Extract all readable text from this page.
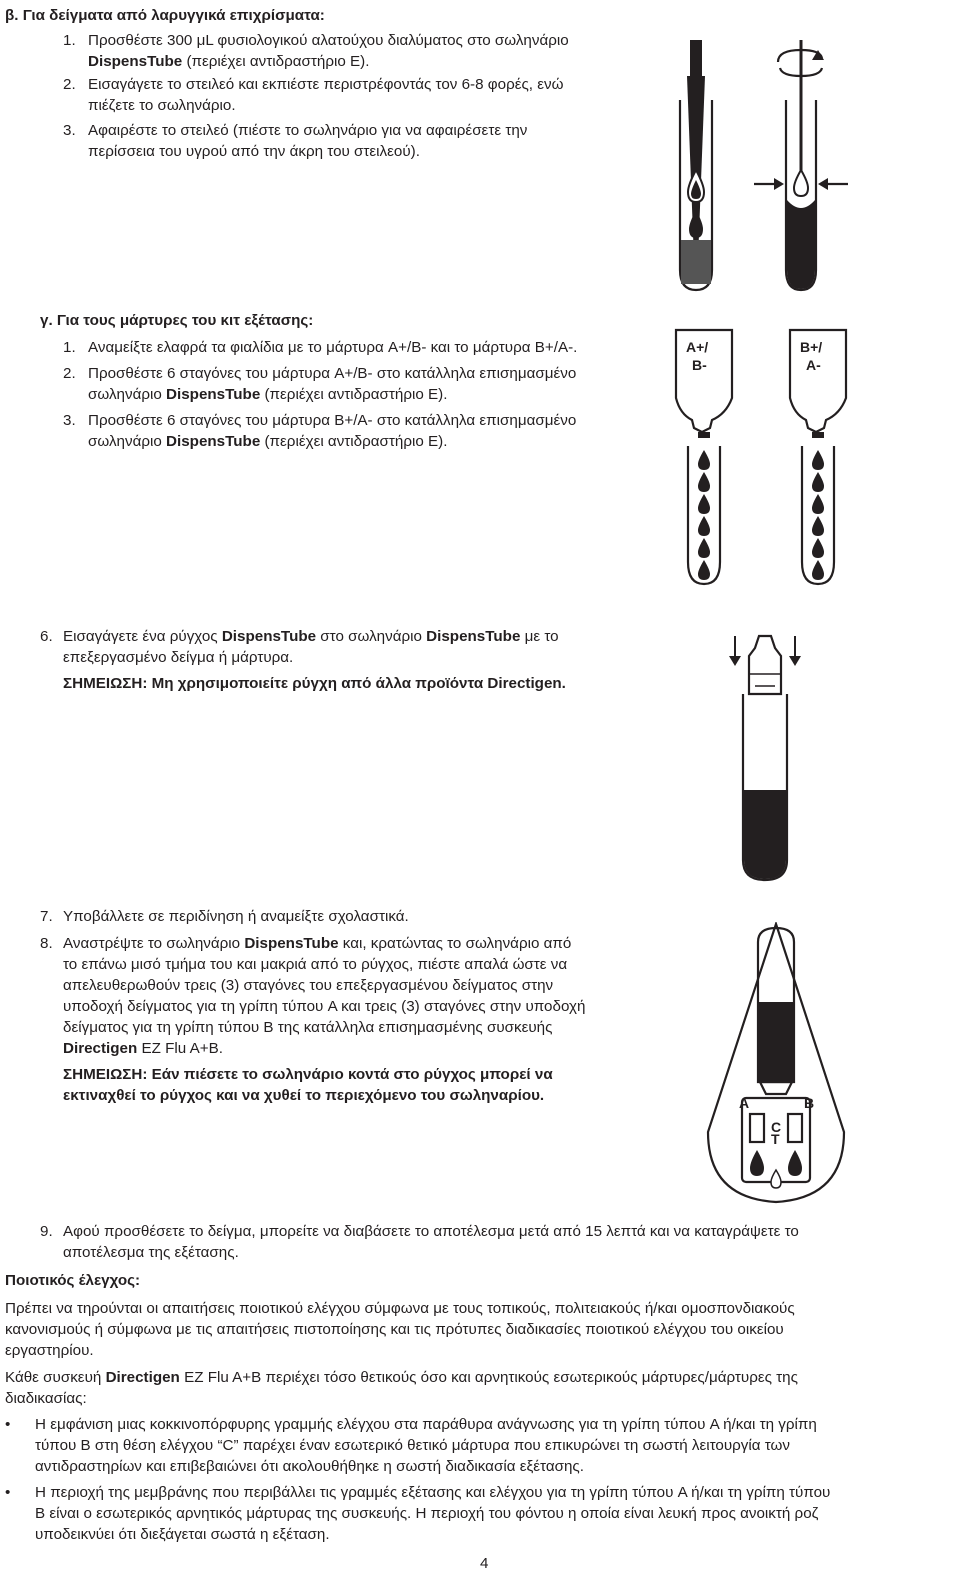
β. Για δείγματα από λαρυγγικά επιχρίσματα:
1. Προσθέστε 300 μL φυσιολογικού αλατούχου διαλύματος στο σωληνάριο
DispensTube (περιέχει αντιδραστήριο E).
2. Εισαγάγετε το στειλεό και εκπιέστε περιστρέφοντάς τον 6-8 φορές, ενώ
πιέζετε το σωληνάριο.
3. Αφαιρέστε το στειλεό (πιέστε το σωληνάριο για να αφαιρέσετε την
περίσσεια του υγρού από την άκρη του στειλεού).
γ. Για τους μάρτυρες του κιτ εξέτασης:
1. Αναμείξτε ελαφρά τα φιαλίδια με το μάρτυρα A+/B- και το μάρτυρα B+/A-.
2. Προσθέστε 6 σταγόνες του μάρτυρα A+/B- στο κατάλληλα επισημασμένο
σωληνάριο DispensTube (περιέχει αντιδραστήριο E).
3. Προσθέστε 6 σταγόνες του μάρτυρα B+/A- στο κατάλληλα επισημασμένο
σωληνάριο DispensTube (περιέχει αντιδραστήριο E).
A+/
B-
B+/
A-
6. Εισαγάγετε ένα ρύγχος DispensTube στο σωληνάριο DispensTube με το
επεξεργασμένο δείγμα ή μάρτυρα.
ΣΗΜΕΙΩΣΗ: Μη χρησιμοποιείτε ρύγχη από άλλα προϊόντα Directigen.
7. Υποβάλλετε σε περιδίνηση ή αναμείξτε σχολαστικά.
8. Αναστρέψτε το σωληνάριο DispensTube και, κρατώντας το σωληνάριο από
το επάνω μισό τμήμα του και μακριά από το ρύγχος, πιέστε απαλά ώστε να
απελευθερωθούν τρεις (3) σταγόνες του επεξεργασμένου δείγματος στην
υποδοχή δείγματος για τη γρίπη τύπου A και τρεις (3) σταγόνες στην υποδοχή
δείγματος για τη γρίπη τύπου B της κατάλληλα επισημασμένης συσκευής
Directigen EZ Flu A+B.
ΣΗΜΕΙΩΣΗ: Εάν πιέσετε το σωληνάριο κοντά στο ρύγχος μπορεί να
εκτιναχθεί το ρύγχος και να χυθεί το περιεχόμενο του σωληναρίου.	A	B
C
T
9. Αφού προσθέσετε το δείγμα, μπορείτε να διαβάσετε το αποτέλεσμα μετά από 15 λεπτά και να καταγράψετε το
αποτέλεσμα της εξέτασης.
Ποιοτικός έλεγχος:
Πρέπει να τηρούνται οι απαιτήσεις ποιοτικού ελέγχου σύμφωνα με τους τοπικούς, πολιτειακούς ή/και ομοσπονδιακούς
κανονισμούς ή σύμφωνα με τις απαιτήσεις πιστοποίησης και τις πρότυπες διαδικασίες ποιοτικού ελέγχου του οικείου
εργαστηρίου.
Κάθε συσκευή Directigen EZ Flu A+B περιέχει τόσο θετικούς όσο και αρνητικούς εσωτερικούς μάρτυρες/μάρτυρες της
διαδικασίας:
• Η εμφάνιση μιας κοκκινοπόρφυρης γραμμής ελέγχου στα παράθυρα ανάγνωσης για τη γρίπη τύπου A ή/και τη γρίπη
τύπου B στη θέση ελέγχου “C” παρέχει έναν εσωτερικό θετικό μάρτυρα που επικυρώνει τη σωστή λειτουργία των
αντιδραστηρίων και επιβεβαιώνει ότι ακολουθήθηκε η σωστή διαδικασία εξέτασης.
• Η περιοχή της μεμβράνης που περιβάλλει τις γραμμές εξέτασης και ελέγχου για τη γρίπη τύπου A ή/και τη γρίπη τύπου
B είναι ο εσωτερικός αρνητικός μάρτυρας της συσκευής. Η περιοχή του φόντου η οποία είναι λευκή προς ανοικτή ροζ
υποδεικνύει ότι διεξάγεται σωστά η εξέταση.
4
